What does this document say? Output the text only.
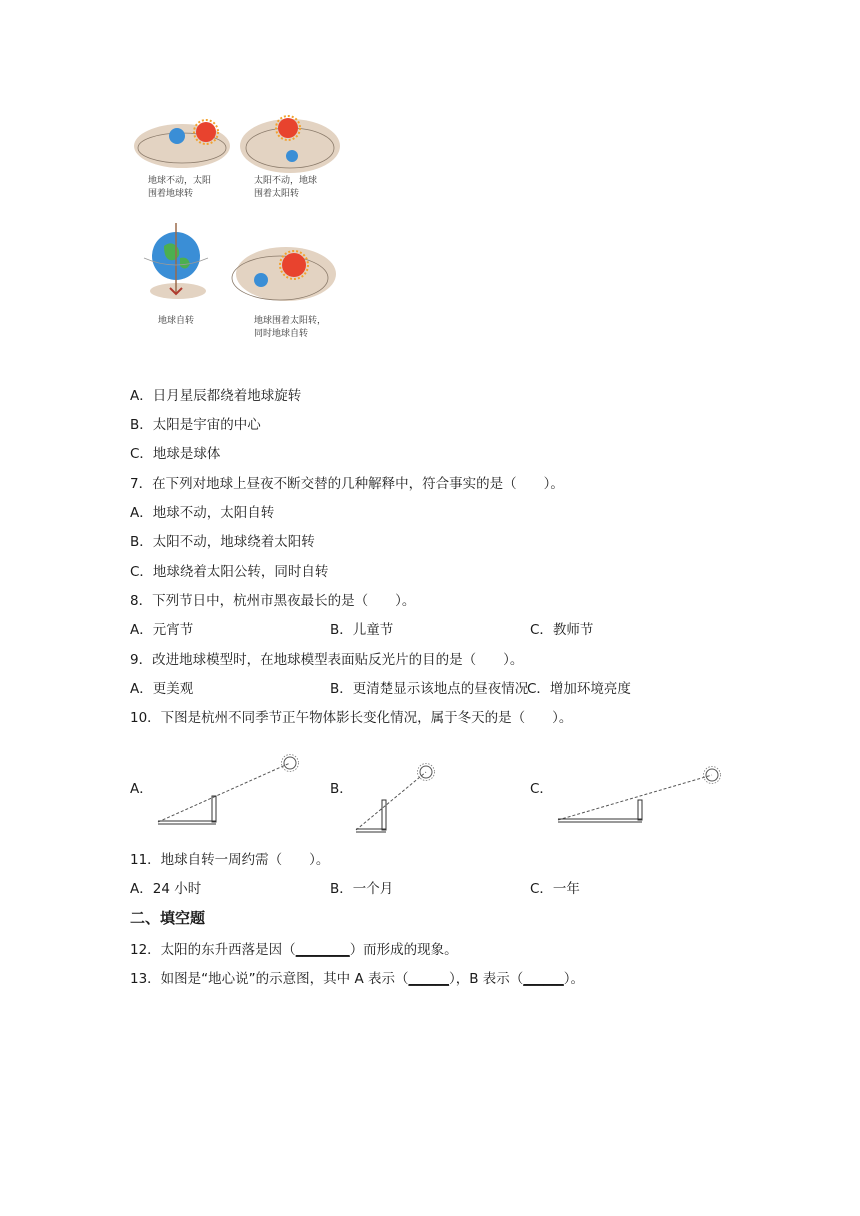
地球不动，太阳
围着地球转
太阳不动，地球
围着太阳转
地球自转	地球围着太阳转，
同时地球自转
A．日月星辰都绕着地球旋转
B．太阳是宇宙的中心
C．地球是球体
7．在下列对地球上昼夜不断交替的几种解释中，符合事实的是（　　）。
A．地球不动，太阳自转
B．太阳不动，地球绕着太阳转
C．地球绕着太阳公转，同时自转
8．下列节日中，杭州市黑夜最长的是（　　）。
A．元宵节	B．儿童节	C．教师节
9．改进地球模型时，在地球模型表面贴反光片的目的是（　　）。
A．更美观	B．更清楚显示该地点的昼夜情况
C．增加环境亮度
10．下图是杭州不同季节正午物体影长变化情况，属于冬天的是（　　）。
A．	B．	C．
11．地球自转一周约需（　　）。
A．24 小时	B．一个月	C．一年
二、填空题
12．太阳的东升西落是因（________）而形成的现象。
13．如图是“地心说”的示意图，其中 A 表示（______），B 表示（______）。
